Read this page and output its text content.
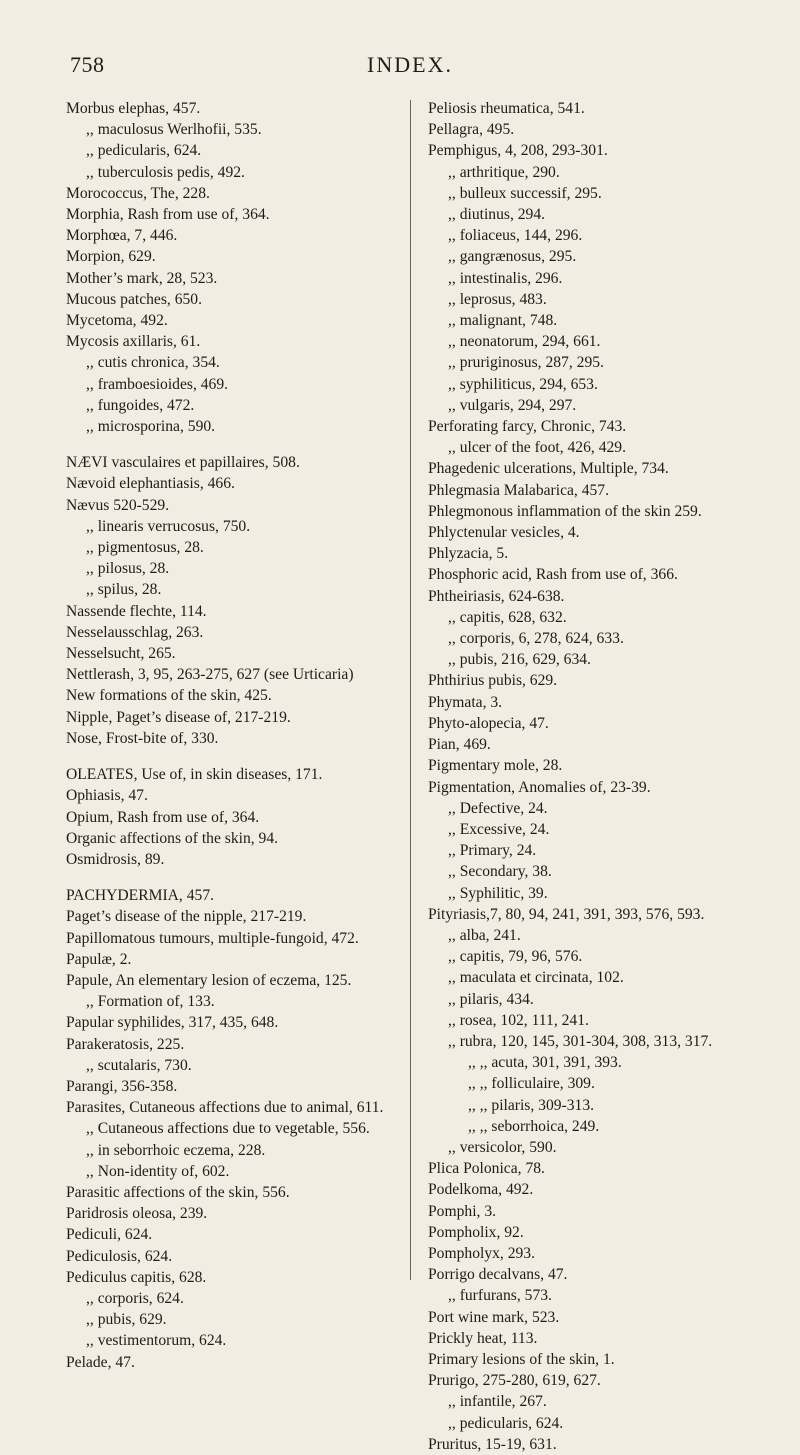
758	INDEX.

Morbus elephas, 457.

,, maculosus Werlhofii, 535.

,, pedicularis, 624.

,, tuberculosis pedis, 492.

Morococcus, The, 228.

Morphia, Rash from use of, 364.

Morphœa, 7, 446.

Morpion, 629.

Mother’s mark, 28, 523.

Mucous patches, 650.

Mycetoma, 492.

Mycosis axillaris, 61.

,, cutis chronica, 354.

,, framboesioides, 469.

,, fungoides, 472.

,, microsporina, 590.

NÆVI vasculaires et papillaires, 508.

Nævoid elephantiasis, 466.

Nævus 520-529.

,, linearis verrucosus, 750.

,, pigmentosus, 28.

,, pilosus, 28.

,, spilus, 28.

Nassende flechte, 114.

Nesselausschlag, 263.

Nesselsucht, 265.

Nettlerash, 3, 95, 263-275, 627 (see Urticaria)

New formations of the skin, 425.

Nipple, Paget’s disease of, 217-219.

Nose, Frost-bite of, 330.

OLEATES, Use of, in skin diseases, 171.

Ophiasis, 47.

Opium, Rash from use of, 364.

Organic affections of the skin, 94.

Osmidrosis, 89.

PACHYDERMIA, 457.

Paget’s disease of the nipple, 217-219.

Papillomatous tumours, multiple-fungoid, 472.

Papulæ, 2.

Papule, An elementary lesion of eczema, 125.

,, Formation of, 133.

Papular syphilides, 317, 435, 648.

Parakeratosis, 225.

,, scutalaris, 730.

Parangi, 356-358.

Parasites, Cutaneous affections due to animal, 611.

,, Cutaneous affections due to vegetable, 556.

,, in seborrhoic eczema, 228.

,, Non-identity of, 602.

Parasitic affections of the skin, 556.

Paridrosis oleosa, 239.

Pediculi, 624.

Pediculosis, 624.

Pediculus capitis, 628.

,, corporis, 624.

,, pubis, 629.

,, vestimentorum, 624.

Pelade, 47.

Peliosis rheumatica, 541.

Pellagra, 495.

Pemphigus, 4, 208, 293-301.

,, arthritique, 290.

,, bulleux successif, 295.

,, diutinus, 294.

,, foliaceus, 144, 296.

,, gangrænosus, 295.

,, intestinalis, 296.

,, leprosus, 483.

,, malignant, 748.

,, neonatorum, 294, 661.

,, pruriginosus, 287, 295.

,, syphiliticus, 294, 653.

,, vulgaris, 294, 297.

Perforating farcy, Chronic, 743.

,, ulcer of the foot, 426, 429.

Phagedenic ulcerations, Multiple, 734.

Phlegmasia Malabarica, 457.

Phlegmonous inflammation of the skin 259.

Phlyctenular vesicles, 4.

Phlyzacia, 5.

Phosphoric acid, Rash from use of, 366.

Phtheiriasis, 624-638.

,, capitis, 628, 632.

,, corporis, 6, 278, 624, 633.

,, pubis, 216, 629, 634.

Phthirius pubis, 629.

Phymata, 3.

Phyto-alopecia, 47.

Pian, 469.

Pigmentary mole, 28.

Pigmentation, Anomalies of, 23-39.

,, Defective, 24.

,, Excessive, 24.

,, Primary, 24.

,, Secondary, 38.

,, Syphilitic, 39.

Pityriasis,7, 80, 94, 241, 391, 393, 576, 593.

,, alba, 241.

,, capitis, 79, 96, 576.

,, maculata et circinata, 102.

,, pilaris, 434.

,, rosea, 102, 111, 241.

,, rubra, 120, 145, 301-304, 308, 313, 317.

,, ,, acuta, 301, 391, 393.

,, ,, folliculaire, 309.

,, ,, pilaris, 309-313.

,, ,, seborrhoica, 249.

,, versicolor, 590.

Plica Polonica, 78.

Podelkoma, 492.

Pomphi, 3.

Pompholix, 92.

Pompholyx, 293.

Porrigo decalvans, 47.

,, furfurans, 573.

Port wine mark, 523.

Prickly heat, 113.

Primary lesions of the skin, 1.

Prurigo, 275-280, 619, 627.

,, infantile, 267.

,, pedicularis, 624.

Pruritus, 15-19, 631.
